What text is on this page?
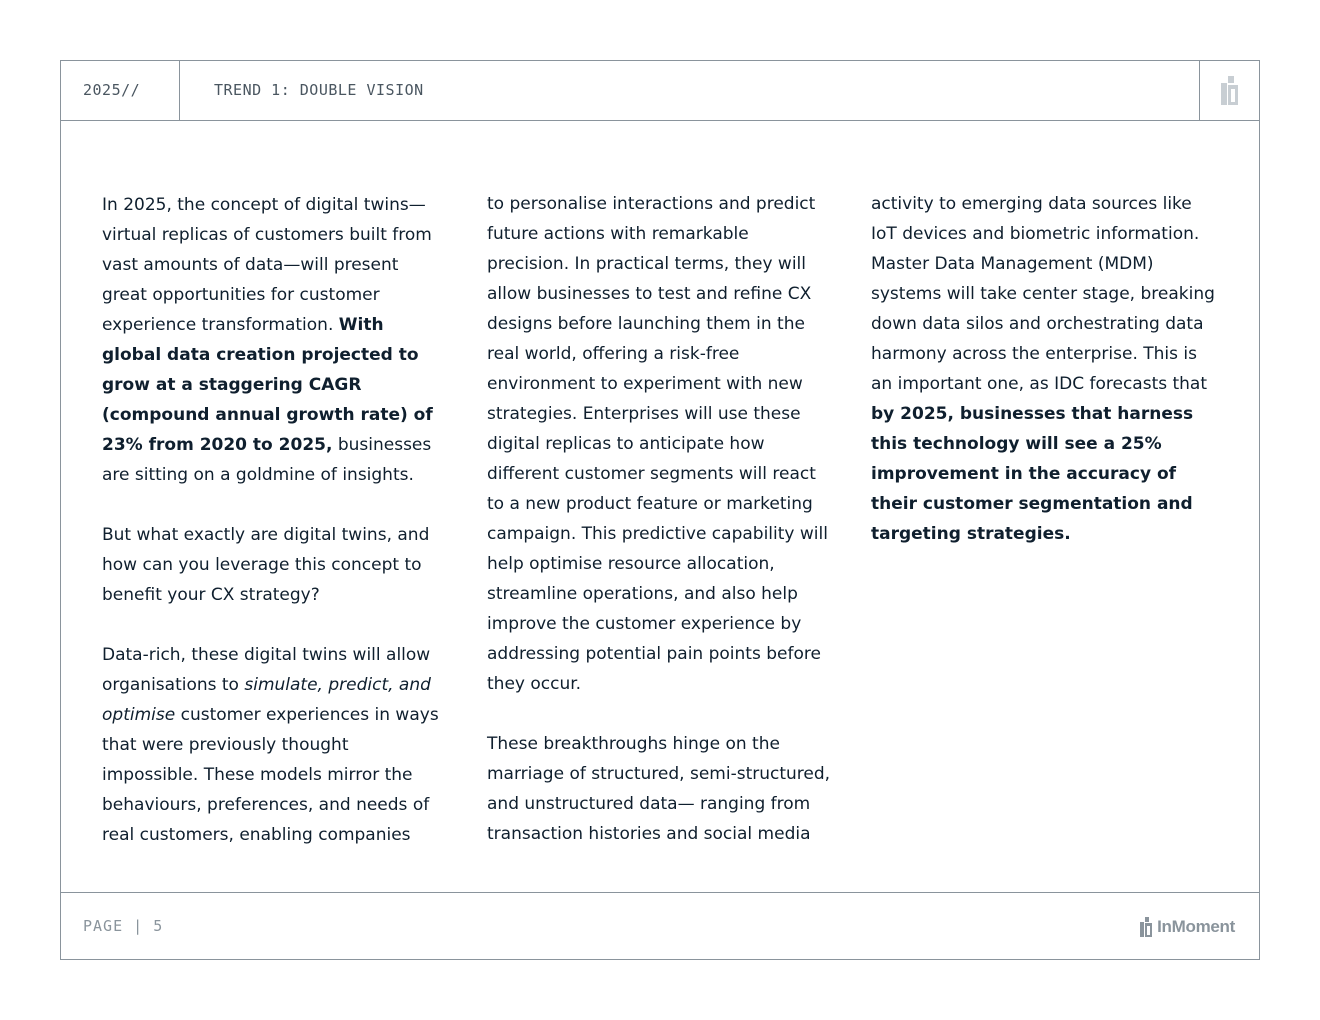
2025//	TREND 1: DOUBLE VISION

In 2025, the concept of digital twins—virtual replicas of customers built from vast amounts of data—will present great opportunities for customer experience transformation. With global data creation projected to grow at a staggering CAGR (compound annual growth rate) of 23% from 2020 to 2025, businesses are sitting on a goldmine of insights.

But what exactly are digital twins, and how can you leverage this concept to benefit your CX strategy?

Data-rich, these digital twins will allow organisations to simulate, predict, and optimise customer experiences in ways that were previously thought impossible. These models mirror the behaviours, preferences, and needs of real customers, enabling companies

to personalise interactions and predict future actions with remarkable precision. In practical terms, they will allow businesses to test and refine CX designs before launching them in the real world, offering a risk-free environment to experiment with new strategies. Enterprises will use these digital replicas to anticipate how different customer segments will react to a new product feature or marketing campaign. This predictive capability will help optimise resource allocation, streamline operations, and also help improve the customer experience by addressing potential pain points before they occur.

These breakthroughs hinge on the marriage of structured, semi-structured, and unstructured data— ranging from transaction histories and social media

activity to emerging data sources like IoT devices and biometric information. Master Data Management (MDM) systems will take center stage, breaking down data silos and orchestrating data harmony across the enterprise. This is an important one, as IDC forecasts that by 2025, businesses that harness this technology will see a 25% improvement in the accuracy of their customer segmentation and targeting strategies.

PAGE | 5	InMoment
